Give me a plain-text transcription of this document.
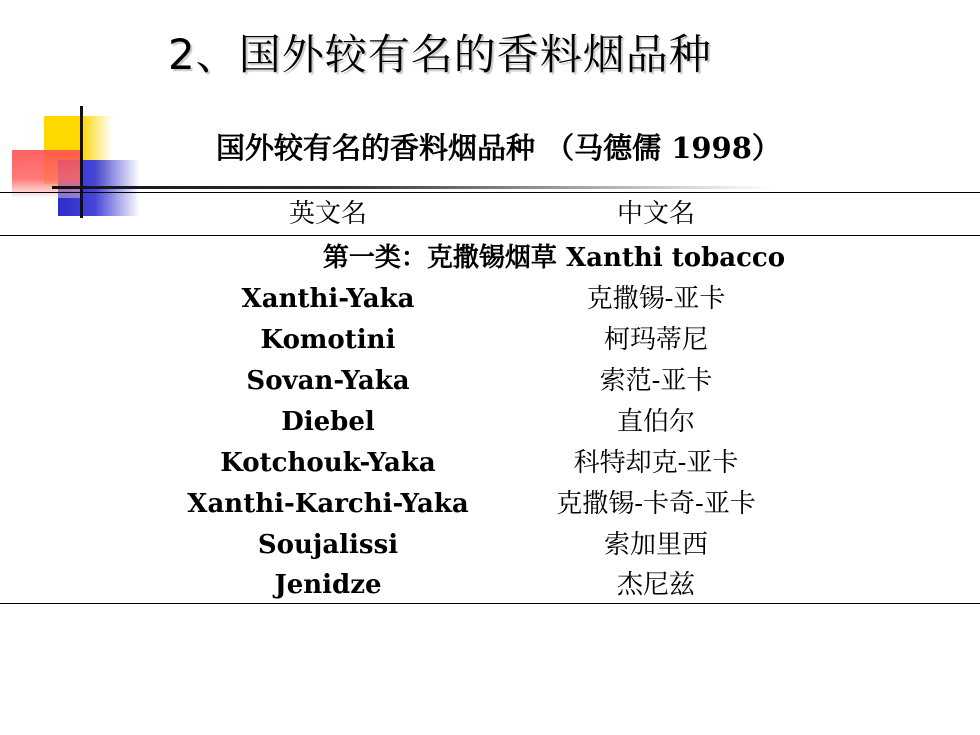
2、国外较有名的香料烟品种
国外较有名的香料烟品种 （马德儒 1998）
英文名	中文名
第一类：克撒锡烟草 Xanthi tobacco
Xanthi-Yaka	克撒锡-亚卡
Komotini	柯玛蒂尼
Sovan-Yaka	索范-亚卡
Diebel	直伯尔
Kotchouk-Yaka	科特却克-亚卡
Xanthi-Karchi-Yaka	克撒锡-卡奇-亚卡
Soujalissi	索加里西
Jenidze	杰尼兹
